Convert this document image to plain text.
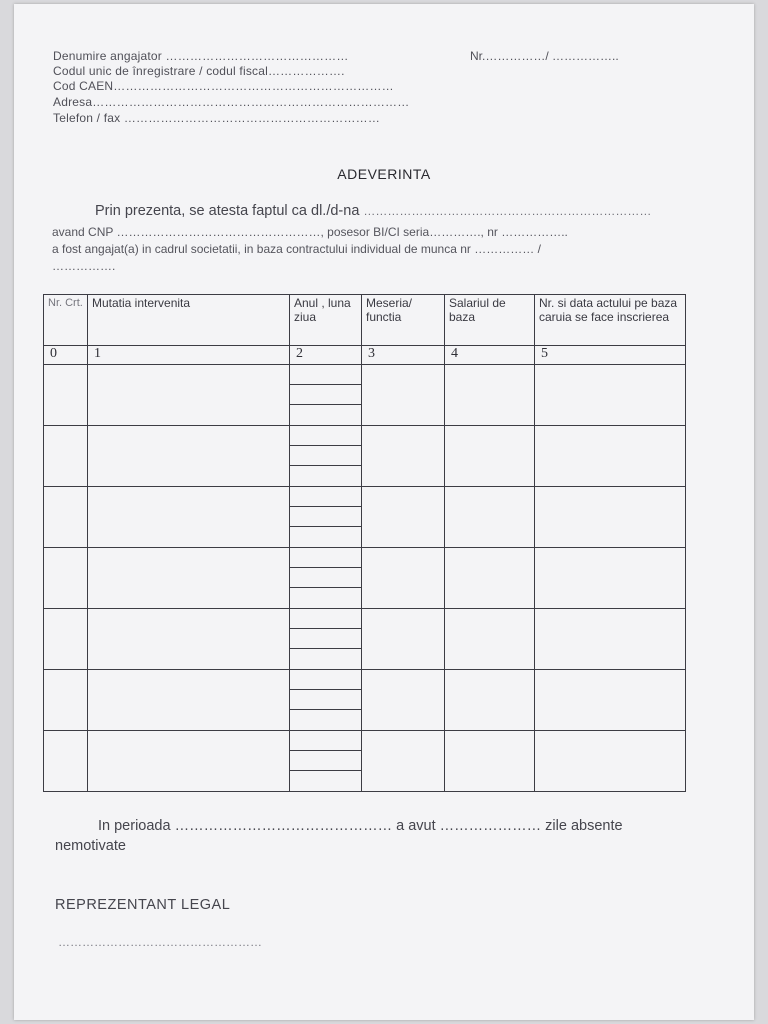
Denumire angajator ………………………………………
Codul unic de înregistrare / codul fiscal……………….
Cod CAEN……………………………………………………………
Adresa……………………………………………………………………
Telefon / fax ………………………………………………………
Nr.……………/ ……………..
ADEVERINTA
Prin prezenta, se atesta faptul ca dl./d-na ………………………………………………………………
avand CNP ……………………………………………, posesor BI/CI seria…………., nr ……………..
a fost angajat(a) in cadrul societatii, in baza contractului individual de munca nr …………… /
…………….
Nr. Crt.	Mutatia intervenita	Anul , luna ziua	Meseria/ functia	Salariul de baza	Nr. si data actului pe baza caruia se face inscrierea
0	1	2	3	4	5

In perioada ……………………………………… a avut ………………… zile absente
nemotivate
REPREZENTANT LEGAL
……………………………………………
